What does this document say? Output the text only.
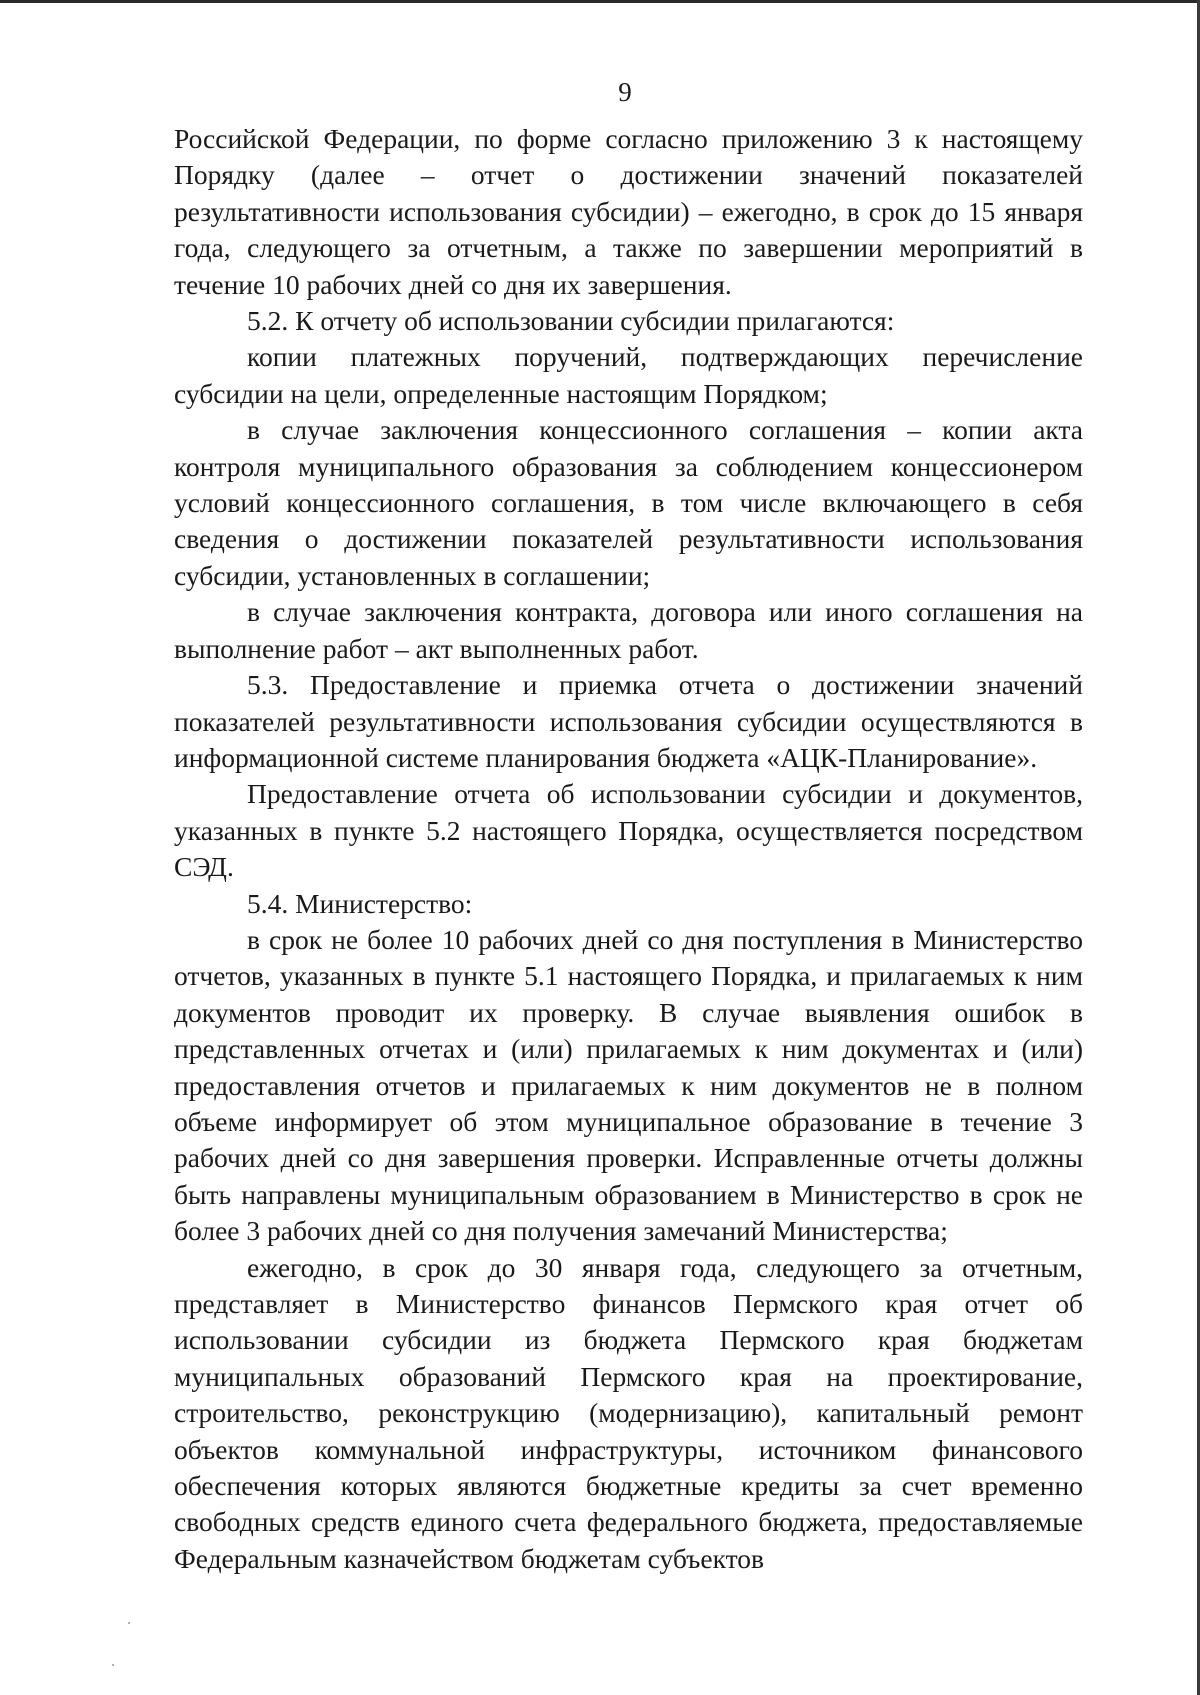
9

Российской Федерации, по форме согласно приложению 3 к настоящему Порядку (далее – отчет о достижении значений показателей результативности использования субсидии) – ежегодно, в срок до 15 января года, следующего за отчетным, а также по завершении мероприятий в течение 10 рабочих дней со дня их завершения.

5.2. К отчету об использовании субсидии прилагаются:

копии платежных поручений, подтверждающих перечисление субсидии на цели, определенные настоящим Порядком;

в случае заключения концессионного соглашения – копии акта контроля муниципального образования за соблюдением концессионером условий концессионного соглашения, в том числе включающего в себя сведения о достижении показателей результативности использования субсидии, установленных в соглашении;

в случае заключения контракта, договора или иного соглашения на выполнение работ – акт выполненных работ.

5.3. Предоставление и приемка отчета о достижении значений показателей результативности использования субсидии осуществляются в информационной системе планирования бюджета «АЦК-Планирование».

Предоставление отчета об использовании субсидии и документов, указанных в пункте 5.2 настоящего Порядка, осуществляется посредством СЭД.

5.4. Министерство:

в срок не более 10 рабочих дней со дня поступления в Министерство отчетов, указанных в пункте 5.1 настоящего Порядка, и прилагаемых к ним документов проводит их проверку. В случае выявления ошибок в представленных отчетах и (или) прилагаемых к ним документах и (или) предоставления отчетов и прилагаемых к ним документов не в полном объеме информирует об этом муниципальное образование в течение 3 рабочих дней со дня завершения проверки. Исправленные отчеты должны быть направлены муниципальным образованием в Министерство в срок не более 3 рабочих дней со дня получения замечаний Министерства;

ежегодно, в срок до 30 января года, следующего за отчетным, представляет в Министерство финансов Пермского края отчет об использовании субсидии из бюджета Пермского края бюджетам муниципальных образований Пермского края на проектирование, строительство, реконструкцию (модернизацию), капитальный ремонт объектов коммунальной инфраструктуры, источником финансового обеспечения которых являются бюджетные кредиты за счет временно свободных средств единого счета федерального бюджета, предоставляемые Федеральным казначейством бюджетам субъектов
